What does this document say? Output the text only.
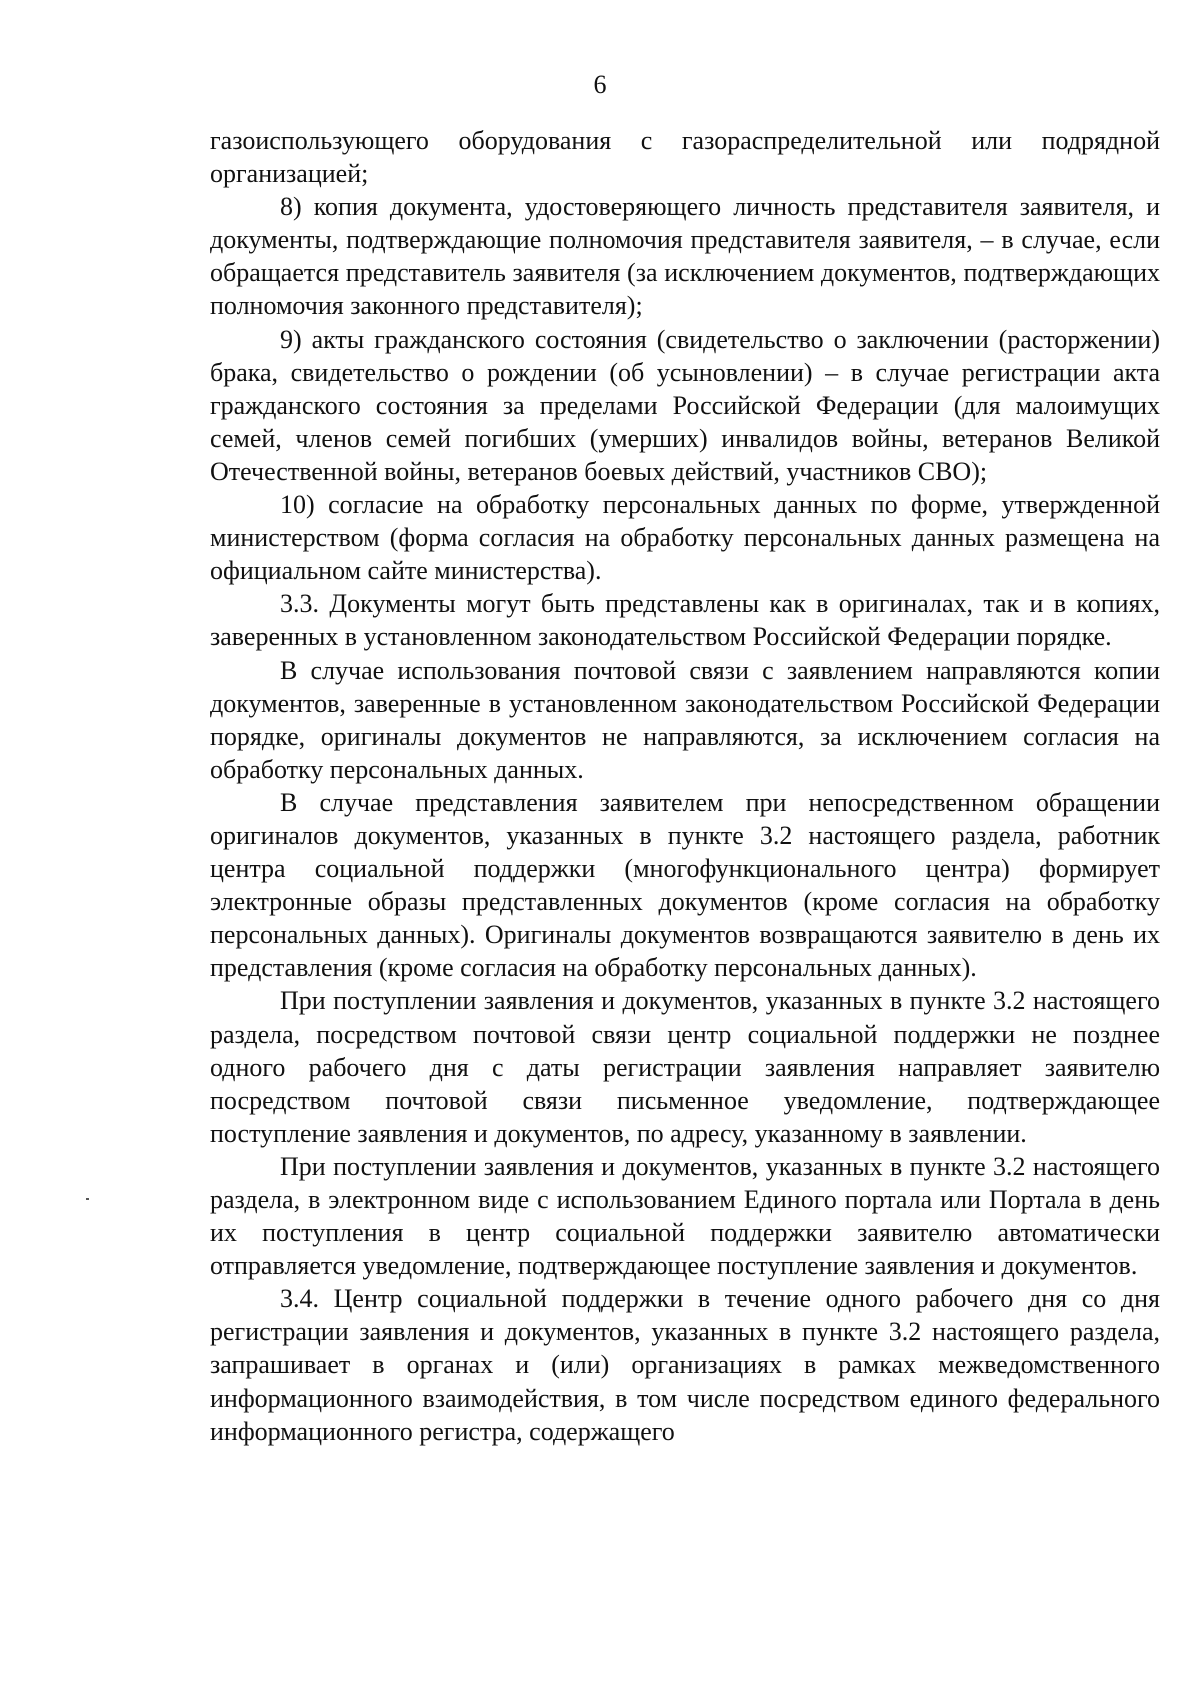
6

газоиспользующего оборудования с газораспределительной или подрядной организацией;

8) копия документа, удостоверяющего личность представителя заявителя, и документы, подтверждающие полномочия представителя заявителя, – в случае, если обращается представитель заявителя (за исключением документов, подтверждающих полномочия законного представителя);

9) акты гражданского состояния (свидетельство о заключении (расторжении) брака, свидетельство о рождении (об усыновлении) – в случае регистрации акта гражданского состояния за пределами Российской Федерации (для малоимущих семей, членов семей погибших (умерших) инвалидов войны, ветеранов Великой Отечественной войны, ветеранов боевых действий, участников СВО);

10) согласие на обработку персональных данных по форме, утвержденной министерством (форма согласия на обработку персональных данных размещена на официальном сайте министерства).

3.3. Документы могут быть представлены как в оригиналах, так и в копиях, заверенных в установленном законодательством Российской Федерации порядке.

В случае использования почтовой связи с заявлением направляются копии документов, заверенные в установленном законодательством Российской Федерации порядке, оригиналы документов не направляются, за исключением согласия на обработку персональных данных.

В случае представления заявителем при непосредственном обращении оригиналов документов, указанных в пункте 3.2 настоящего раздела, работник центра социальной поддержки (многофункционального центра) формирует электронные образы представленных документов (кроме согласия на обработку персональных данных). Оригиналы документов возвращаются заявителю в день их представления (кроме согласия на обработку персональных данных).

При поступлении заявления и документов, указанных в пункте 3.2 настоящего раздела, посредством почтовой связи центр социальной поддержки не позднее одного рабочего дня с даты регистрации заявления направляет заявителю посредством почтовой связи письменное уведомление, подтверждающее поступление заявления и документов, по адресу, указанному в заявлении.

При поступлении заявления и документов, указанных в пункте 3.2 настоящего раздела, в электронном виде с использованием Единого портала или Портала в день их поступления в центр социальной поддержки заявителю автоматически отправляется уведомление, подтверждающее поступление заявления и документов.

3.4. Центр социальной поддержки в течение одного рабочего дня со дня регистрации заявления и документов, указанных в пункте 3.2 настоящего раздела, запрашивает в органах и (или) организациях в рамках межведомственного информационного взаимодействия, в том числе посредством единого федерального информационного регистра, содержащего
